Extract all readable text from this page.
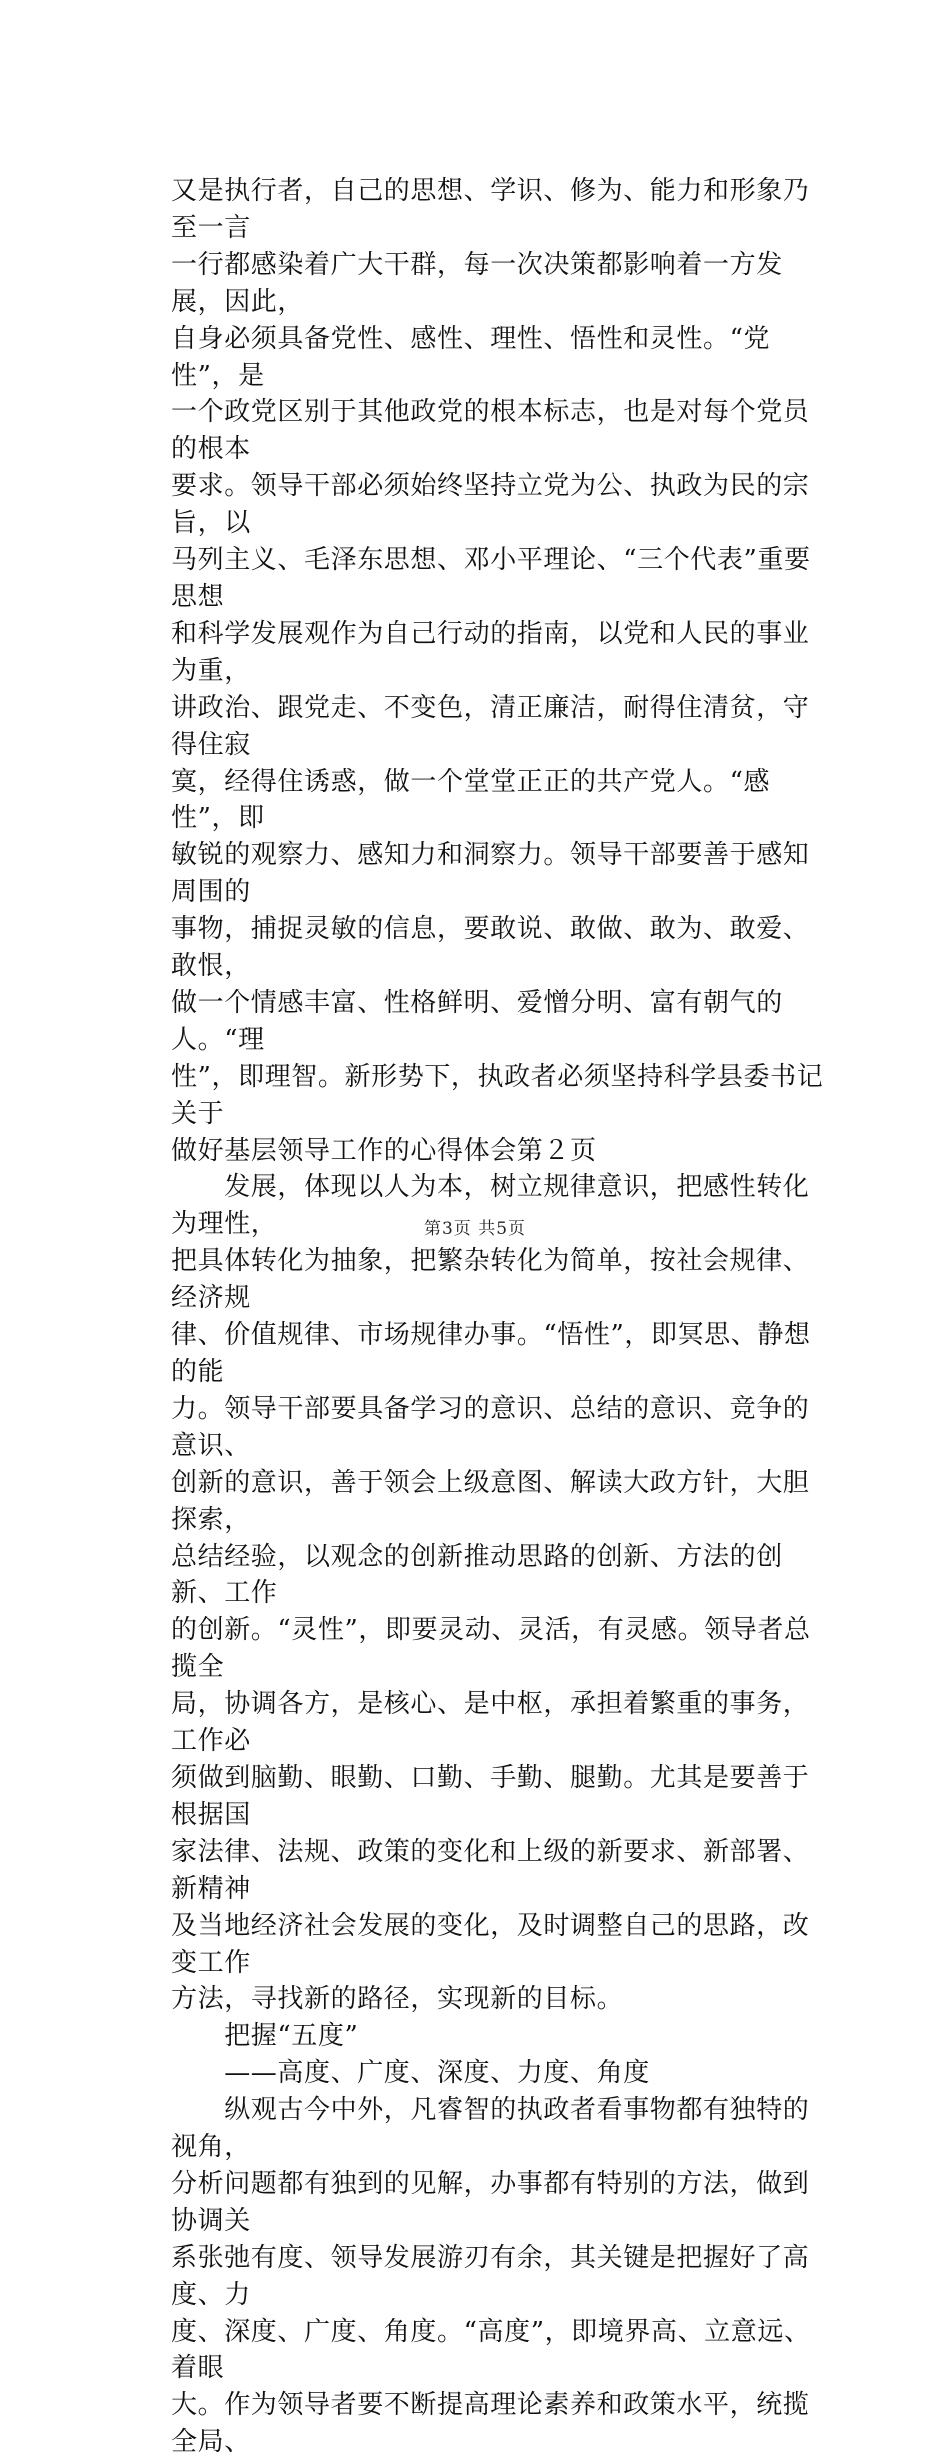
又是执行者，自己的思想、学识、修为、能力和形象乃至一言
一行都感染着广大干群，每一次决策都影响着一方发展，因此，
自身必须具备党性、感性、理性、悟性和灵性。“党性”，是
一个政党区别于其他政党的根本标志，也是对每个党员的根本
要求。领导干部必须始终坚持立党为公、执政为民的宗旨，以
马列主义、毛泽东思想、邓小平理论、“三个代表”重要思想
和科学发展观作为自己行动的指南，以党和人民的事业为重，
讲政治、跟党走、不变色，清正廉洁，耐得住清贫，守得住寂
寞，经得住诱惑，做一个堂堂正正的共产党人。“感性”，即
敏锐的观察力、感知力和洞察力。领导干部要善于感知周围的
事物，捕捉灵敏的信息，要敢说、敢做、敢为、敢爱、敢恨，
做一个情感丰富、性格鲜明、爱憎分明、富有朝气的人。“理
性”，即理智。新形势下，执政者必须坚持科学县委书记关于
做好基层领导工作的心得体会第２页

　　发展，体现以人为本，树立规律意识，把感性转化为理性，
把具体转化为抽象，把繁杂转化为简单，按社会规律、经济规
律、价值规律、市场规律办事。“悟性”，即冥思、静想的能
力。领导干部要具备学习的意识、总结的意识、竞争的意识、
创新的意识，善于领会上级意图、解读大政方针，大胆探索，
总结经验，以观念的创新推动思路的创新、方法的创新、工作
的创新。“灵性”，即要灵动、灵活，有灵感。领导者总揽全
局，协调各方，是核心、是中枢，承担着繁重的事务，工作必
须做到脑勤、眼勤、口勤、手勤、腿勤。尤其是要善于根据国
家法律、法规、政策的变化和上级的新要求、新部署、新精神
及当地经济社会发展的变化，及时调整自己的思路，改变工作
方法，寻找新的路径，实现新的目标。

　　把握“五度”

　　——高度、广度、深度、力度、角度

　　纵观古今中外，凡睿智的执政者看事物都有独特的视角，
分析问题都有独到的见解，办事都有特别的方法，做到协调关
系张弛有度、领导发展游刃有余，其关键是把握好了高度、力
度、深度、广度、角度。“高度”，即境界高、立意远、着眼
大。作为领导者要不断提高理论素养和政策水平，统揽全局、

第3页 共5页
